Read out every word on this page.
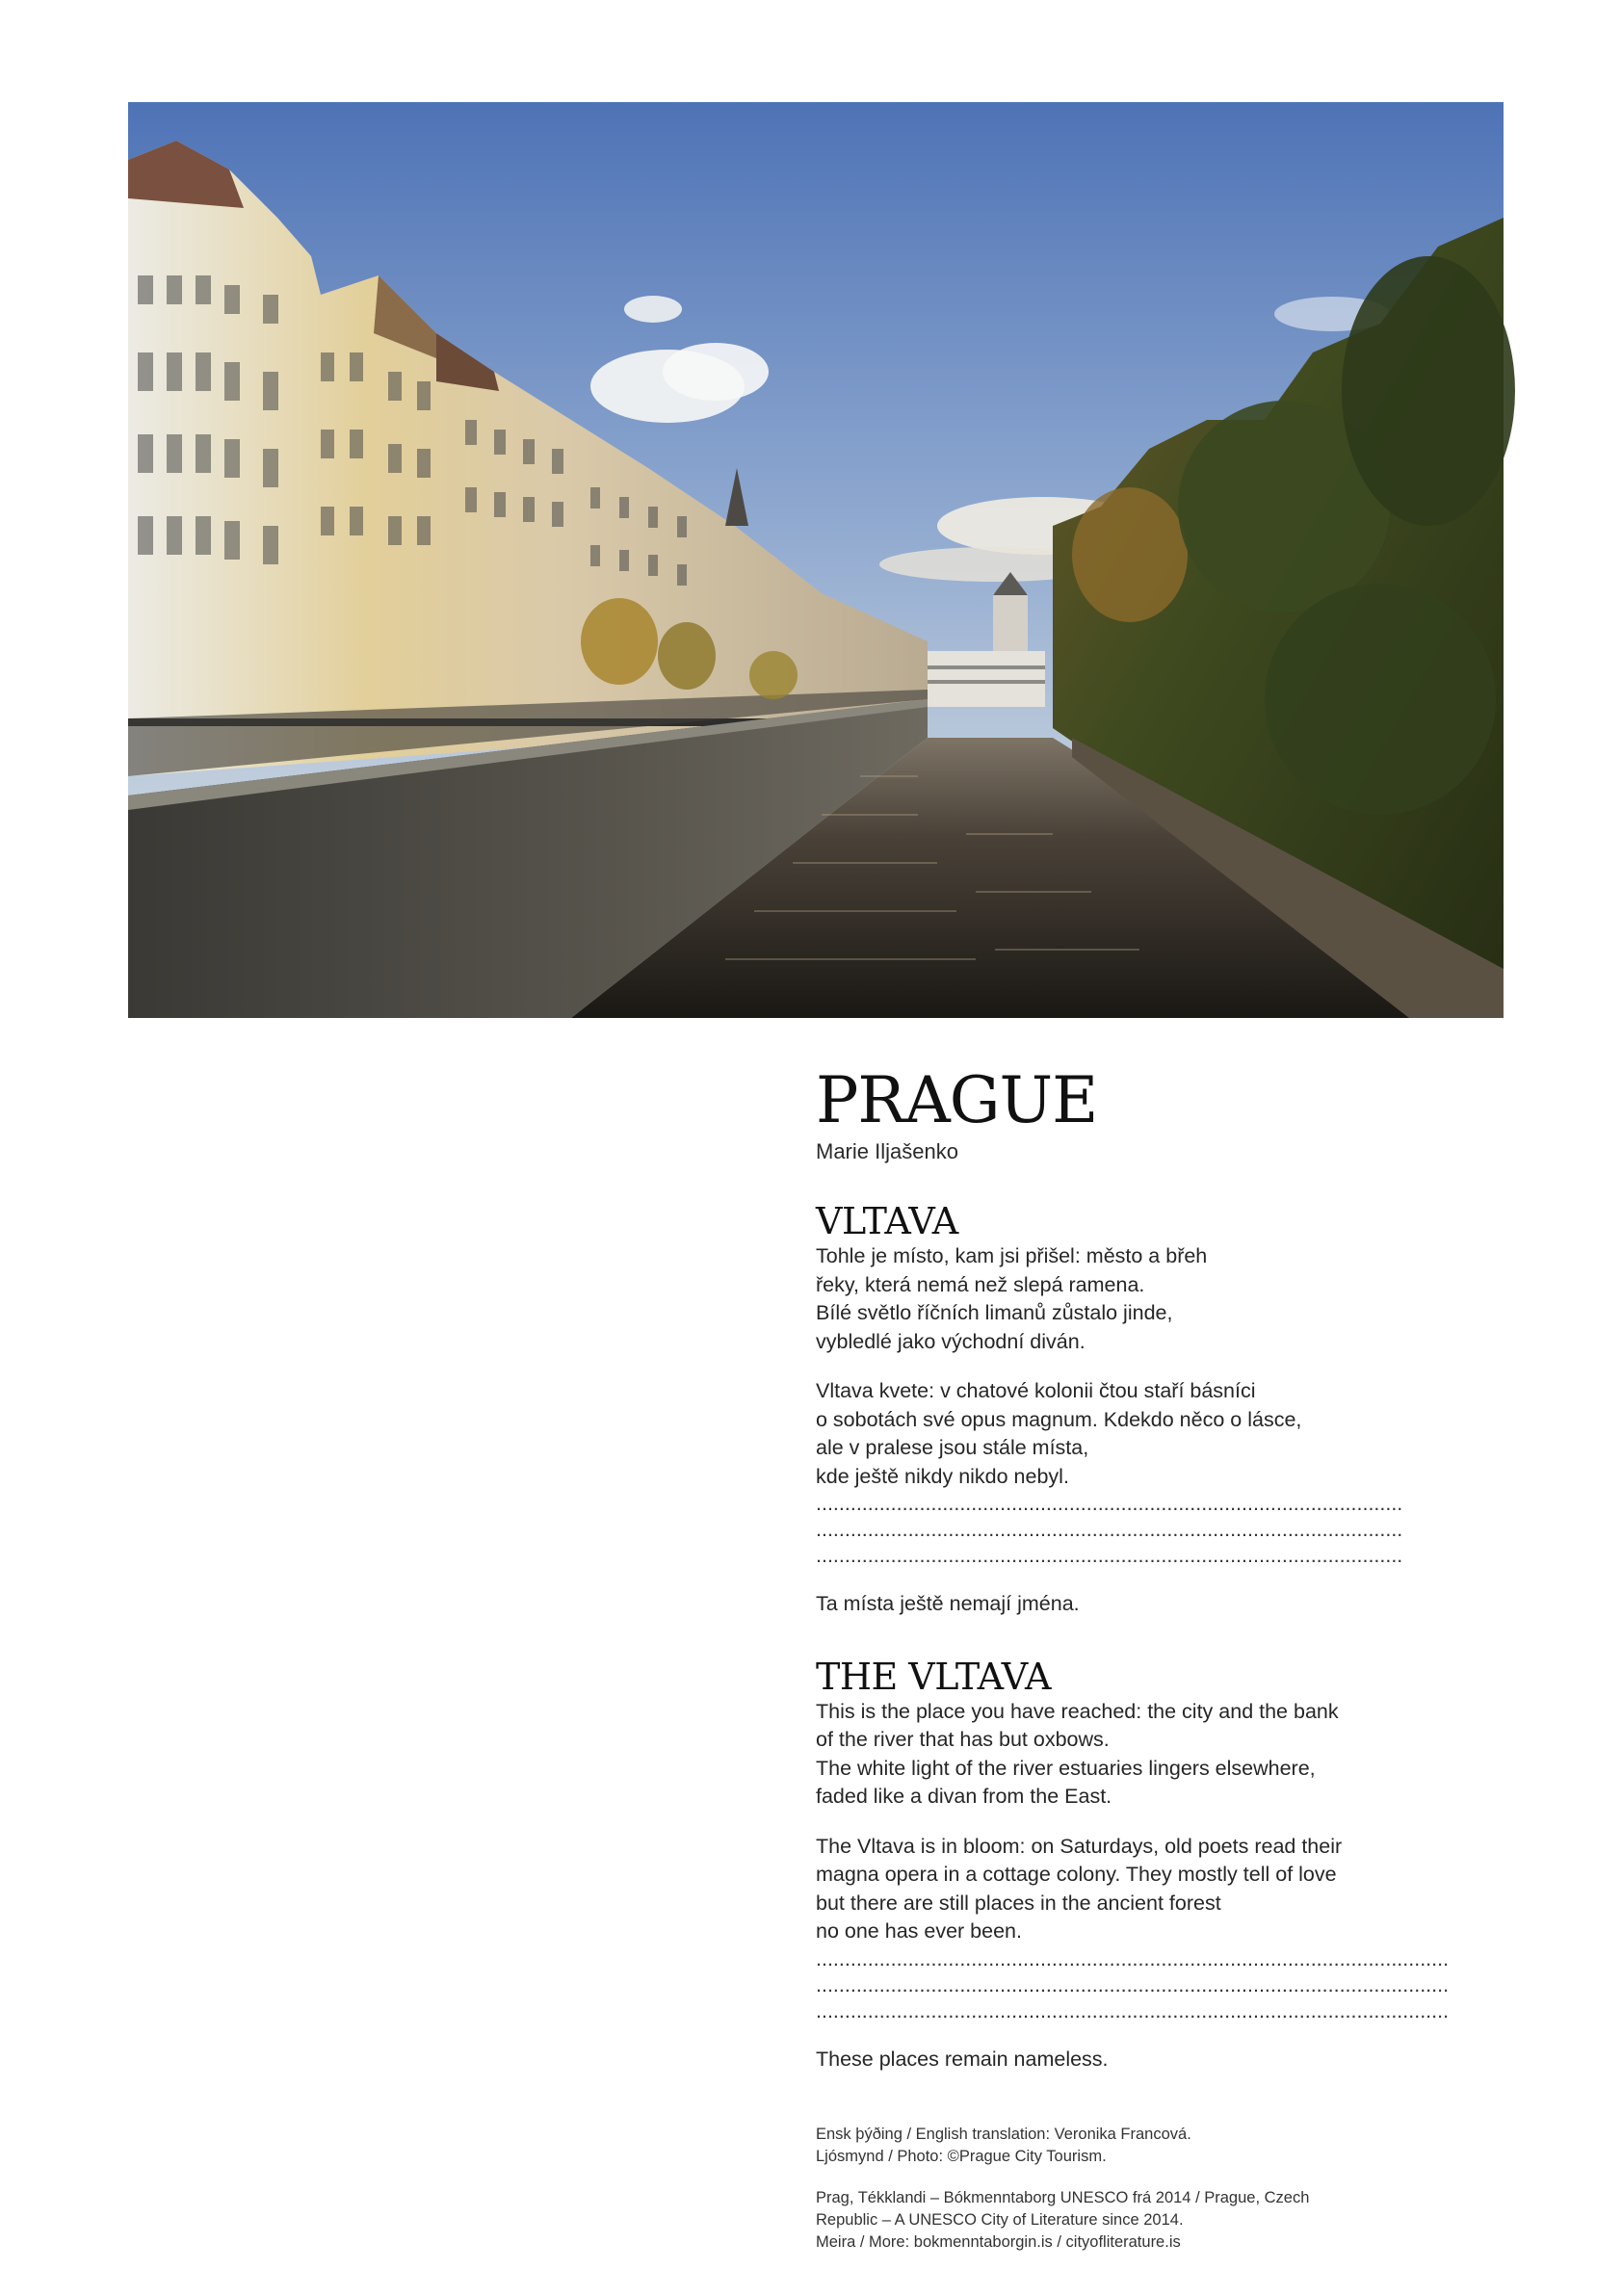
PRAGUE

Marie Iljašenko

VLTAVA

Tohle je místo, kam jsi přišel: město a břeh
řeky, která nemá než slepá ramena.
Bílé světlo říčních limanů zůstalo jinde,
vybledlé jako východní diván.

Vltava kvete: v chatové kolonii čtou staří básníci
o sobotách své opus magnum. Kdekdo něco o lásce,
ale v pralese jsou stále místa,
kde ještě nikdy nikdo nebyl.

......................................................................................................
......................................................................................................
......................................................................................................

Ta místa ještě nemají jména.

THE VLTAVA

This is the place you have reached: the city and the bank
of the river that has but oxbows.
The white light of the river estuaries lingers elsewhere,
faded like a divan from the East.

The Vltava is in bloom: on Saturdays, old poets read their
magna opera in a cottage colony. They mostly tell of love
but there are still places in the ancient forest
no one has ever been.

..............................................................................................................
..............................................................................................................
..............................................................................................................

These places remain nameless.

Ensk þýðing / English translation: Veronika Francová.
Ljósmynd / Photo: ©Prague City Tourism.

Prag, Tékklandi – Bókmenntaborg UNESCO frá 2014 / Prague, Czech
Republic – A UNESCO City of Literature since 2014.
Meira / More: bokmenntaborgin.is / cityofliterature.is
